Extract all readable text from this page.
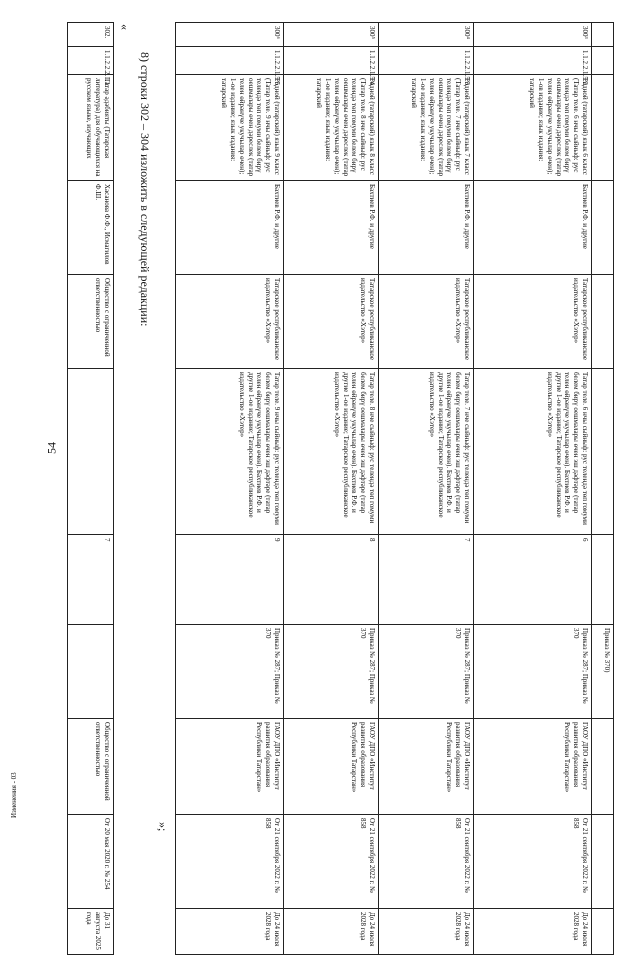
54
							Приказ № 370)			
300³	1.1.2.2.1.5.2.	Родной (татарский) язык 6 класс (Татар теле. 6 нчы сыйныф: рус телендә төп гомуми белем бирү оешмалары өчен дәреслек (татар телен өйрәнүче укучылар өчен); 1-ов издание; язык издания: татарский	Бахтиев Р.Ф. и другие	Татарское республиканское издательство «Хэтер»	Татар теле. 6 нчы сыйныф: рус телендә төп гомуми белем бирү оешмалары өчен эш дәфтәре (татар телен өйрәнүче укучылар өчен). Бахтиев Р.Ф. и другие 1-ое издание; Татарское республиканское издательство «Хэтер»	6	Приказ № 287; Приказ № 370	ГАОУ ДПО «Институт развития образования Республики Татарстан»	От 21 сентября 2022 г. № 858	До 24 июля 2028 года
300⁴	1.1.2.2.1.5.3.	Родной (татарский) язык 7 класс (Татар теле. 7 нче сыйныф: рус телендә төп гомуми белем бирү оешмалары өчен дәреслек (татар телен өйрәнүче укучылар өчен); 1-ое издание; язык издания: татарский	Бахтиев Р.Ф. и другие	Татарское республиканское издательство «Хэтер»	Татар теле. 7 нче сыйныф: рус телендә төп гомуми белем бирү оешмалары өчен эш дәфтәре (татар телен өйрәнүче укучылар өчен). Бахтиев Р.Ф. и другие 1-ое издание; Татарское республиканское издательство «Хэтер»	7	Приказ № 287; Приказ № 370	ГАОУ ДПО «Институт развития образования Республики Татарстан»	От 21 сентября 2022 г. № 858	До 24 июля 2028 года
300⁵	1.1.2.2.1.5.4.	Родной (татарский) язык 8 класс (Татар теле. 8 нче сыйныф: рус телендә төп гомуми белем бирү оешмалары өчен дәреслек (татар телен өйрәнүче укучылар өчен); 1-ое издание; язык издания: татарский	Бахтиев Р.Ф. и другие	Татарское республиканское издательство «Хэтер»	Татар теле. 8 нче сыйныф: рус телендә төп гомуми белем бирү оешмалары өчен эш дәфтәре (татар телен өйрәнүче укучылар өчен). Бахтиев Р.Ф. и другие 1-ое издание; Татарское республиканское издательство «Хэтер»	8	Приказ № 287; Приказ № 370	ГАОУ ДПО «Институт развития образования Республики Татарстан»	От 21 сентября 2022 г. № 858	До 24 июля 2028 года
300⁶	1.1.2.2.1.5.5.	Родной (татарский) язык 9 класс (Татар теле. 9 нчы сыйныф: рус телендә төп гомуми белем бирү оешмалары өчен дәреслек (татар телен өйрәнүче укучылар өчен); 1-ое издание; язык издания: татарский	Бахтиев Р.Ф. и другие	Татарское республиканское издательство «Хэтер»	Татар теле. 9 нчы сыйныф: рус телендә төп гомуми белем бирү оешмалары өчен эш дәфтәре (татар телен өйрәнүче укучылар өчен). Бахтиев Р.Ф. и другие 1-ое издание; Татарское республиканское издательство «Хэтер»	9	Приказ № 287; Приказ № 370	ГАОУ ДПО «Институт развития образования Республики Татарстан»	От 21 сентября 2022 г. № 858	До 24 июля 2028 года
»;
8) строки 302 – 304 изложить в следующей редакции:
«
302.	1.1.2.2.2.1.1.	Татар әдәбияты (Татарская литература) для обучающихся на русском языке, изучающих	Хасанова Ф.Ф., Исмагилов Ф.Ш.	Общество с ограниченной ответственностью		7		Общество с ограниченной ответственностью	От 20 мая 2020 г. № 254	До 31 августа 2025 года
Изменения - 03
